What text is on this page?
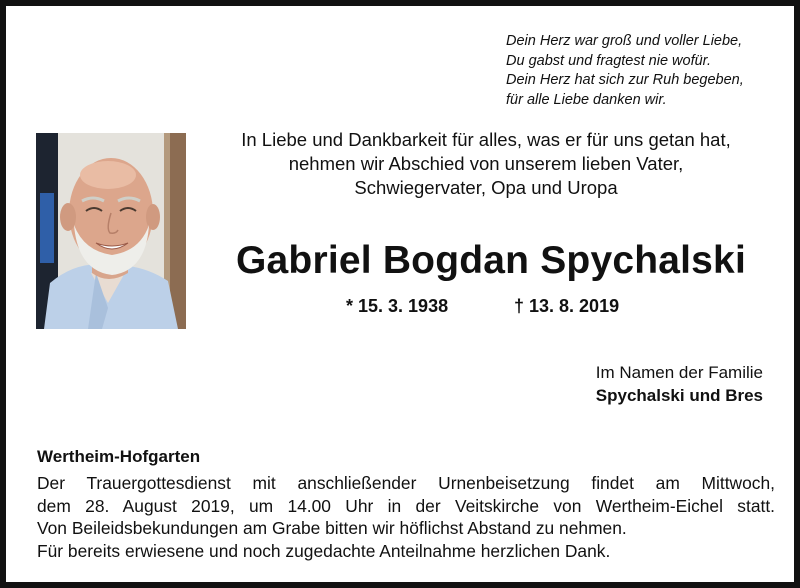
Dein Herz war groß und voller Liebe,
Du gabst und fragtest nie wofür.
Dein Herz hat sich zur Ruh begeben,
für alle Liebe danken wir.
In Liebe und Dankbarkeit für alles, was er für uns getan hat,
nehmen wir Abschied von unserem lieben Vater,
Schwiegervater, Opa und Uropa
Gabriel Bogdan Spychalski
* 15. 3. 1938	† 13. 8. 2019
Im Namen der Familie
Spychalski und Bres
Wertheim-Hofgarten
Der Trauergottesdienst mit anschließender Urnenbeisetzung findet am Mittwoch,
dem 28. August 2019, um 14.00 Uhr in der Veitskirche von Wertheim-Eichel statt.
Von Beileidsbekundungen am Grabe bitten wir höflichst Abstand zu nehmen.
Für bereits erwiesene und noch zugedachte Anteilnahme herzlichen Dank.
